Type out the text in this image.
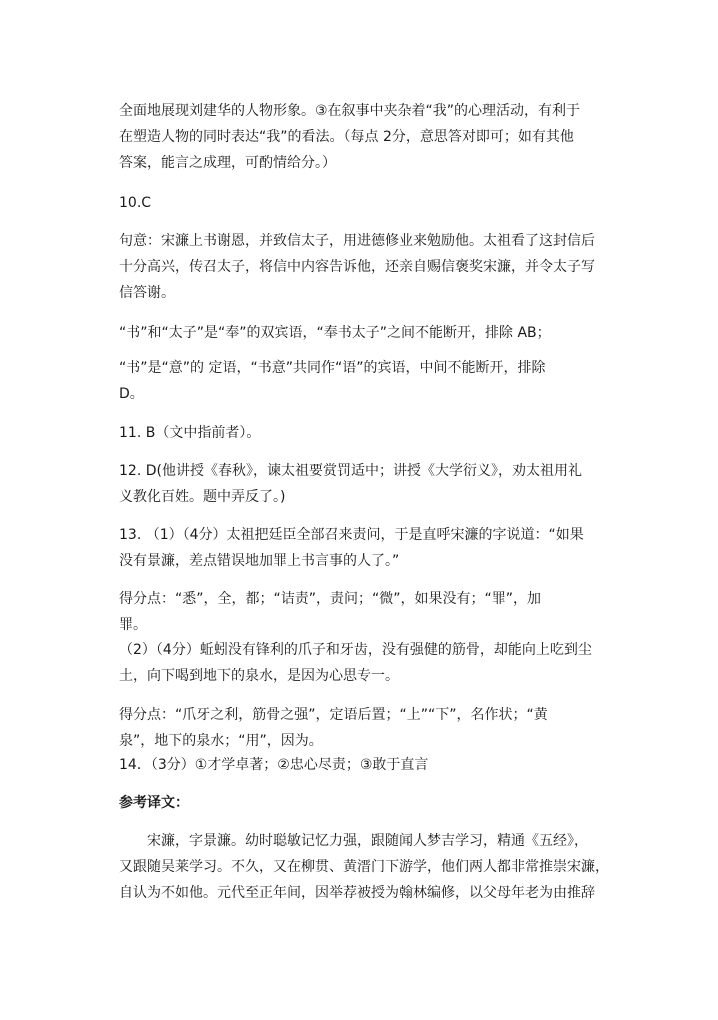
全面地展现刘建华的人物形象。③在叙事中夹杂着“我”的心理活动，有利于
在塑造人物的同时表达“我”的看法。（每点 2分，意思答对即可；如有其他
答案，能言之成理，可酌情给分。）
10.C
句意：宋濂上书谢恩，并致信太子，用进德修业来勉励他。太祖看了这封信后
十分高兴，传召太子，将信中内容告诉他，还亲自赐信褒奖宋濂，并令太子写
信答谢。
“书”和“太子”是“奉”的双宾语，“奉书太子”之间不能断开，排除 AB；
“书”是“意”的 定语，“书意”共同作“语”的宾语，中间不能断开，排除
D。
11. B（文中指前者）。
12. D(他讲授《春秋》，谏太祖要赏罚适中；讲授《大学衍义》，劝太祖用礼
义教化百姓。题中弄反了。)
13. （1）（4分）太祖把廷臣全部召来责问，于是直呼宋濂的字说道：“如果
没有景濂，差点错误地加罪上书言事的人了。”
得分点：“悉”，全，都；“诘责”，责问；“微”，如果没有；“罪”，加
罪。
（2）（4分）蚯蚓没有锋利的爪子和牙齿，没有强健的筋骨，却能向上吃到尘
土，向下喝到地下的泉水，是因为心思专一。
得分点：“爪牙之利，筋骨之强”，定语后置；“上”“下”，名作状；“黄
泉”，地下的泉水；“用”，因为。
14．（3分）①才学卓著；②忠心尽责；③敢于直言
参考译文：
宋濂，字景濂。幼时聪敏记忆力强，跟随闻人梦吉学习，精通《五经》，
又跟随吴莱学习。不久，又在柳贯、黄溍门下游学，他们两人都非常推崇宋濂，
自认为不如他。元代至正年间，因举荐被授为翰林编修，以父母年老为由推辞
